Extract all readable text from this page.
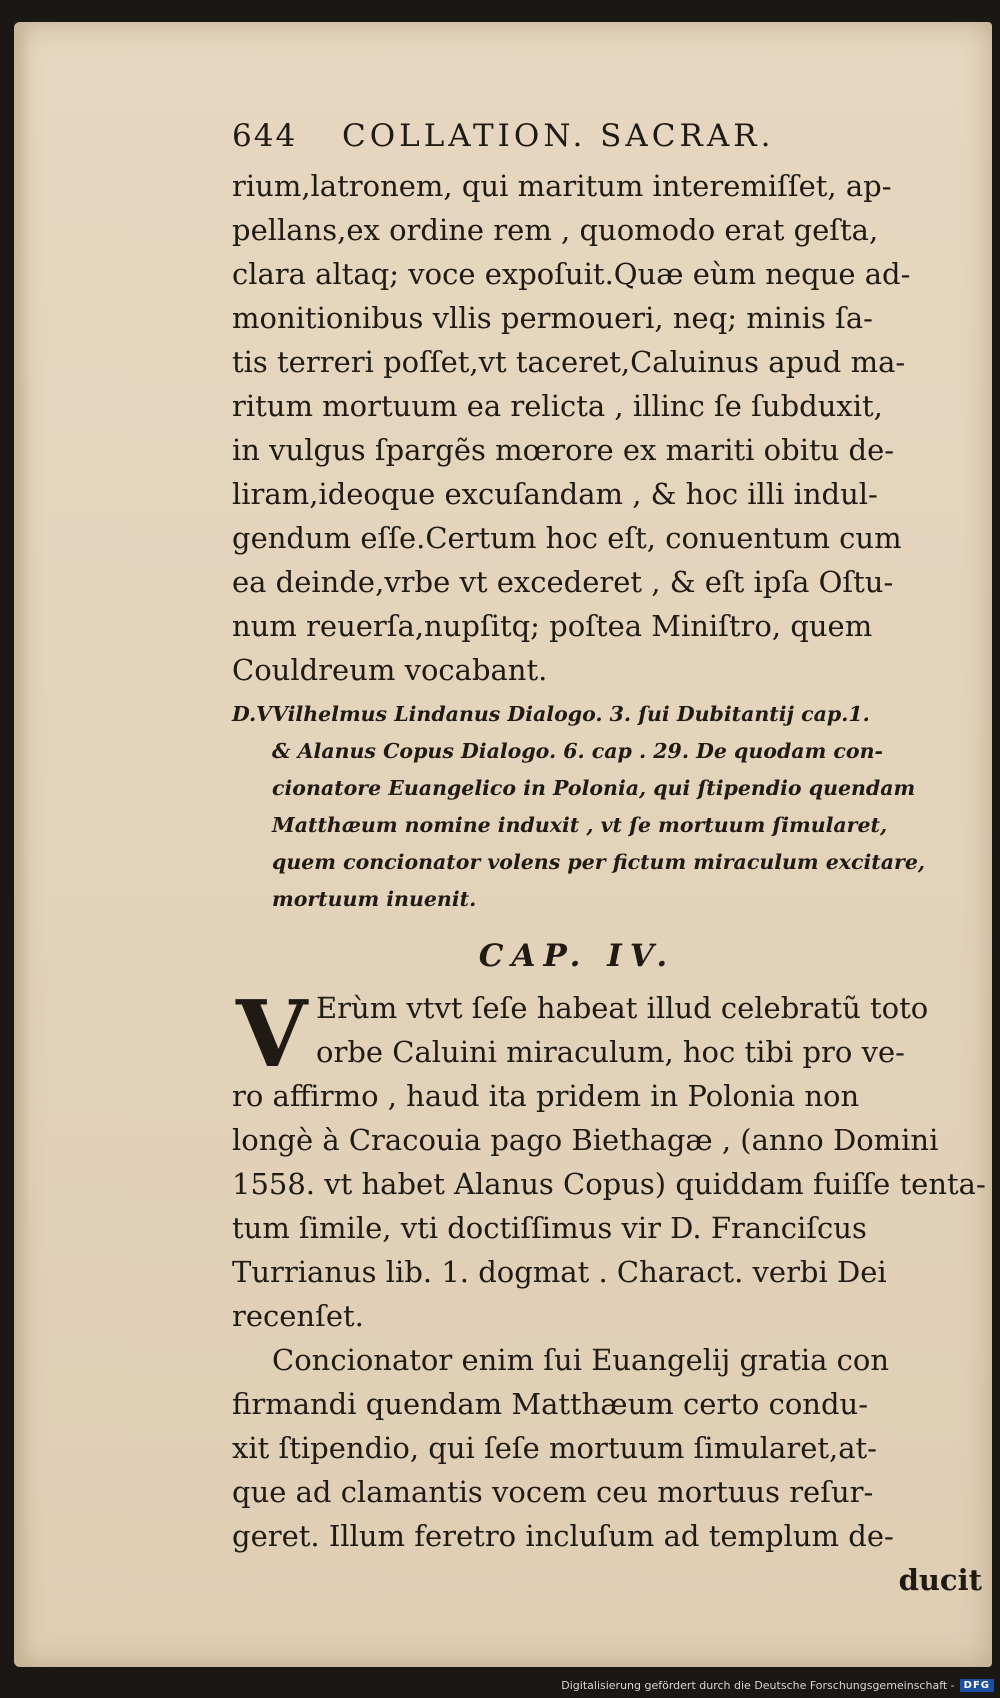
644	COLLATION. SACRAR.
rium,latronem, qui maritum interemiſſet, ap-
pellans,ex ordine rem , quomodo erat geſta,
clara altaq; voce expoſuit.Quæ eùm neque ad-
monitionibus vllis permoueri, neq; minis ſa-
tis terreri poſſet,vt taceret,Caluinus apud ma-
ritum mortuum ea relicta , illinc ſe ſubduxit,
in vulgus ſpargẽs mœrore ex mariti obitu de-
liram,ideoque excuſandam , & hoc illi indul-
gendum eſſe.Certum hoc eſt, conuentum cum
ea deinde,vrbe vt excederet , & eſt ipſa Oſtu-
num reuerſa,nupſitq; poſtea Miniſtro, quem
Couldreum vocabant.
D.VVilhelmus Lindanus Dialogo. 3. ſui Dubitantij cap.1.
& Alanus Copus Dialogo. 6. cap . 29. De quodam con-
cionatore Euangelico in Polonia, qui ſtipendio quendam
Matthæum nomine induxit , vt ſe mortuum ſimularet,
quem concionator volens per fictum miraculum excitare,
mortuum inuenit.
CAP. IV.
V Erùm vtvt ſeſe habeat illud celebratũ toto
orbe Caluini miraculum, hoc tibi pro ve-
ro affirmo , haud ita pridem in Polonia non
longè à Cracouia pago Biethagæ , (anno Domini
1558. vt habet Alanus Copus) quiddam fuiſſe tenta-
tum ſimile, vti doctiſſimus vir D. Franciſcus
Turrianus lib. 1. dogmat . Charact. verbi Dei
recenſet.
Concionator enim ſui Euangelij gratia con
firmandi quendam Matthæum certo condu-
xit ſtipendio, qui ſeſe mortuum ſimularet,at-
que ad clamantis vocem ceu mortuus reſur-
geret. Illum feretro incluſum ad templum de-
ducit
Digitalisierung gefördert durch die Deutsche Forschungsgemeinschaft - DFG
